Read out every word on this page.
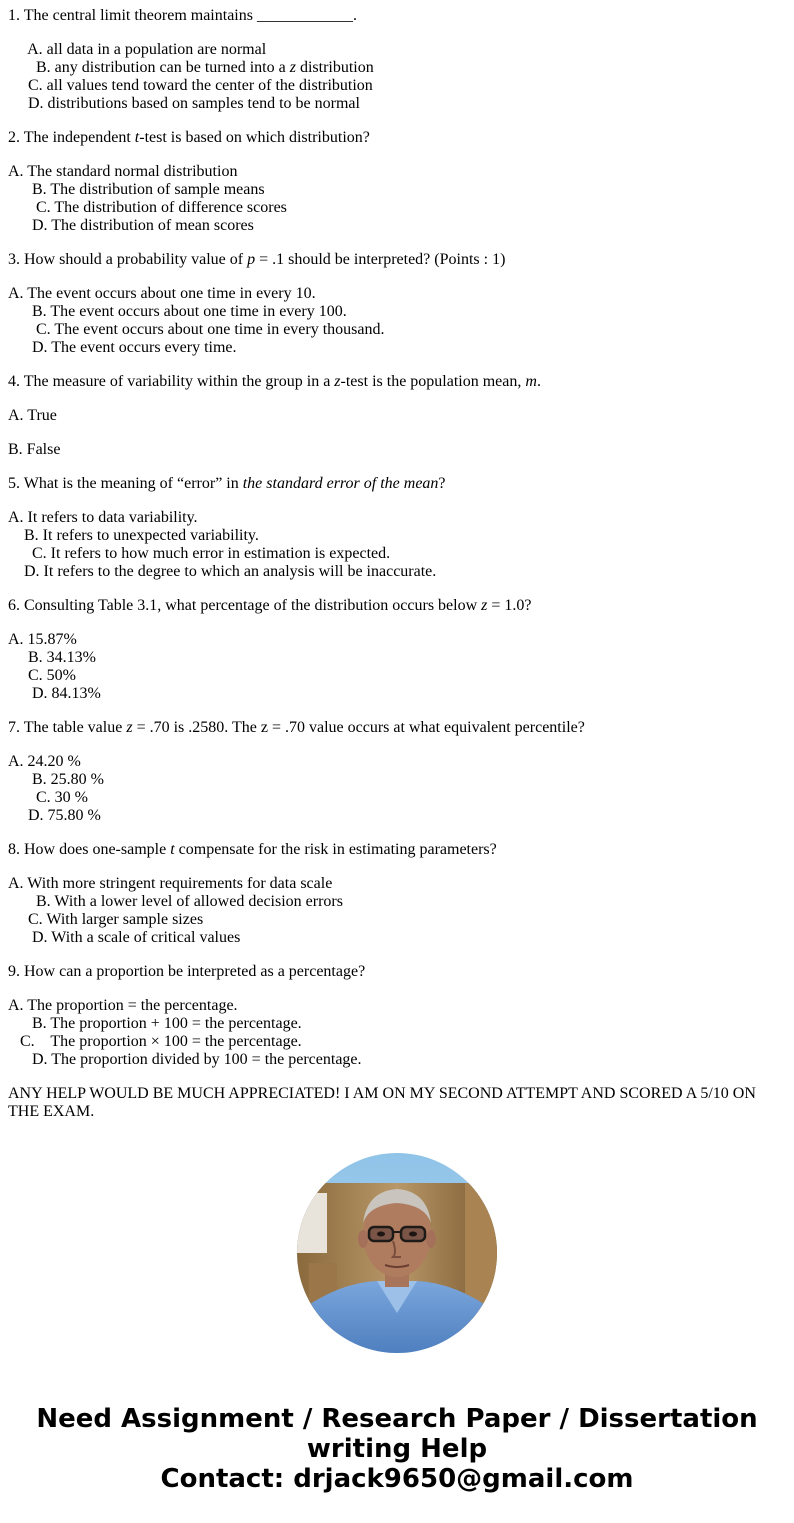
1. The central limit theorem maintains ____________.

A. all data in a population are normal
B. any distribution can be turned into a z distribution
C. all values tend toward the center of the distribution
D. distributions based on samples tend to be normal

2. The independent t-test is based on which distribution?

A. The standard normal distribution
B. The distribution of sample means
C. The distribution of difference scores
D. The distribution of mean scores

3. How should a probability value of p = .1 should be interpreted? (Points : 1)

A. The event occurs about one time in every 10.
B. The event occurs about one time in every 100.
C. The event occurs about one time in every thousand.
D. The event occurs every time.

4. The measure of variability within the group in a z-test is the population mean, m.

A. True

B. False

5. What is the meaning of “error” in the standard error of the mean?

A. It refers to data variability.
B. It refers to unexpected variability.
C. It refers to how much error in estimation is expected.
D. It refers to the degree to which an analysis will be inaccurate.

6. Consulting Table 3.1, what percentage of the distribution occurs below z = 1.0?

A. 15.87%
B. 34.13%
C. 50%
D. 84.13%

7. The table value z = .70 is .2580. The z = .70 value occurs at what equivalent percentile?

A. 24.20 %
B. 25.80 %
C. 30 %
D. 75.80 %

8. How does one-sample t compensate for the risk in estimating parameters?

A. With more stringent requirements for data scale
B. With a lower level of allowed decision errors
C. With larger sample sizes
D. With a scale of critical values

9. How can a proportion be interpreted as a percentage?

A. The proportion = the percentage.
B. The proportion + 100 = the percentage.
C.    The proportion × 100 = the percentage.
D. The proportion divided by 100 = the percentage.

ANY HELP WOULD BE MUCH APPRECIATED! I AM ON MY SECOND ATTEMPT AND SCORED A 5/10 ON THE EXAM.

Need Assignment / Research Paper / Dissertation
writing Help
Contact: drjack9650@gmail.com
